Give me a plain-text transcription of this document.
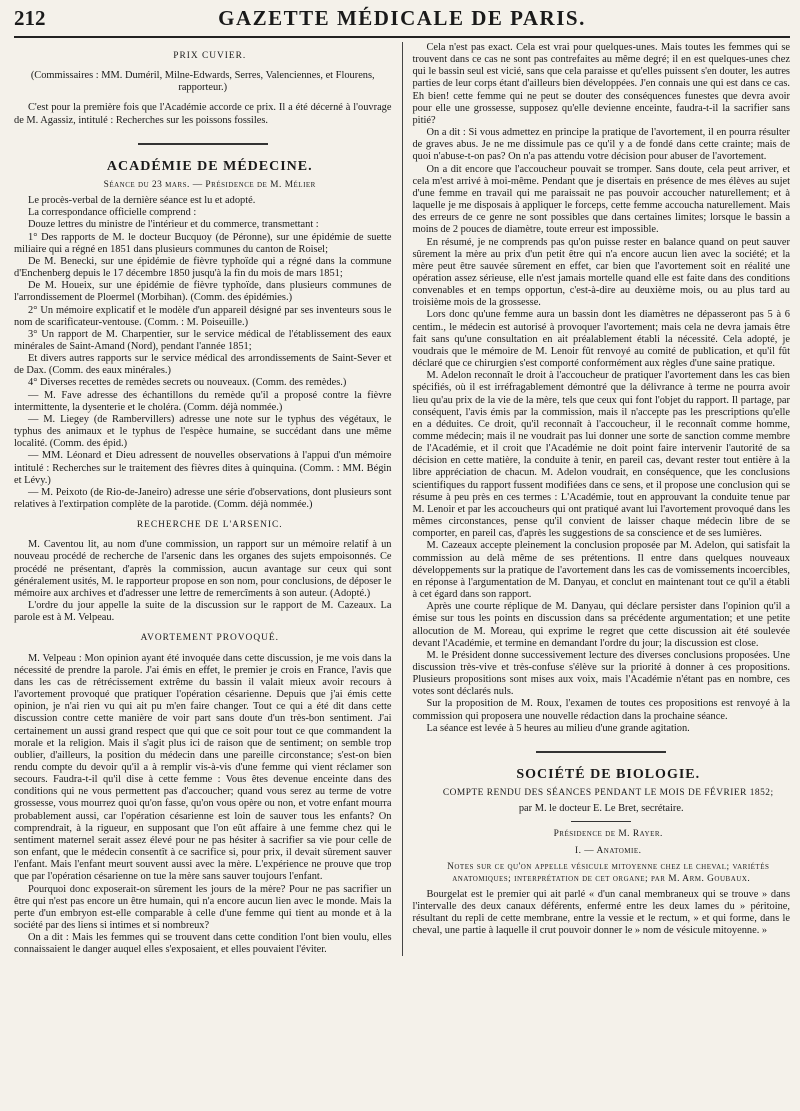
212	GAZETTE MÉDICALE DE PARIS.

PRIX CUVIER.

(Commissaires : MM. Duméril, Milne-Edwards, Serres, Valenciennes, et Flourens, rapporteur.)

C'est pour la première fois que l'Académie accorde ce prix. Il a été décerné à l'ouvrage de M. Agassiz, intitulé : Recherches sur les poissons fossiles.

ACADÉMIE DE MÉDECINE.

Séance du 23 mars. — Présidence de M. Mélier

Le procès-verbal de la dernière séance est lu et adopté.

La correspondance officielle comprend :

Douze lettres du ministre de l'intérieur et du commerce, transmettant :

1° Des rapports de M. le docteur Bucquoy (de Péronne), sur une épidémie de suette miliaire qui a régné en 1851 dans plusieurs communes du canton de Roisel;

De M. Benecki, sur une épidémie de fièvre typhoïde qui a régné dans la commune d'Enchenberg depuis le 17 décembre 1850 jusqu'à la fin du mois de mars 1851;

De M. Houeix, sur une épidémie de fièvre typhoïde, dans plusieurs communes de l'arrondissement de Ploermel (Morbihan). (Comm. des épidémies.)

2° Un mémoire explicatif et le modèle d'un appareil désigné par ses inventeurs sous le nom de scarificateur-ventouse. (Comm. : M. Poiseuille.)

3° Un rapport de M. Charpentier, sur le service médical de l'établissement des eaux minérales de Saint-Amand (Nord), pendant l'année 1851;

Et divers autres rapports sur le service médical des arrondissements de Saint-Sever et de Dax. (Comm. des eaux minérales.)

4° Diverses recettes de remèdes secrets ou nouveaux. (Comm. des remèdes.)

— M. Fave adresse des échantillons du remède qu'il a proposé contre la fièvre intermittente, la dysenterie et le choléra. (Comm. déjà nommée.)

— M. Liegey (de Rambervillers) adresse une note sur le typhus des végétaux, le typhus des animaux et le typhus de l'espèce humaine, se succédant dans une même localité. (Comm. des épid.)

— MM. Léonard et Dieu adressent de nouvelles observations à l'appui d'un mémoire intitulé : Recherches sur le traitement des fièvres dites à quinquina. (Comm. : MM. Bégin et Lévy.)

— M. Peixoto (de Rio-de-Janeiro) adresse une série d'observations, dont plusieurs sont relatives à l'extirpation complète de la parotide. (Comm. déjà nommée.)

RECHERCHE DE L'ARSENIC.

M. Caventou lit, au nom d'une commission, un rapport sur un mémoire relatif à un nouveau procédé de recherche de l'arsenic dans les organes des sujets empoisonnés. Ce procédé ne présentant, d'après la commission, aucun avantage sur ceux qui sont généralement usités, M. le rapporteur propose en son nom, pour conclusions, de déposer le mémoire aux archives et d'adresser une lettre de remercîments à son auteur. (Adopté.)

L'ordre du jour appelle la suite de la discussion sur le rapport de M. Cazeaux. La parole est à M. Velpeau.

AVORTEMENT PROVOQUÉ.

M. Velpeau : Mon opinion ayant été invoquée dans cette discussion, je me vois dans la nécessité de prendre la parole. J'ai émis en effet, le premier je crois en France, l'avis que dans les cas de rétrécissement extrême du bassin il valait mieux avoir recours à l'avortement provoqué que pratiquer l'opération césarienne. Depuis que j'ai émis cette opinion, je n'ai rien vu qui ait pu m'en faire changer. Tout ce qui a été dit dans cette discussion contre cette manière de voir part sans doute d'un très-bon sentiment. J'ai certainement un aussi grand respect que qui que ce soit pour tout ce que commandent la morale et la religion. Mais il s'agit plus ici de raison que de sentiment; on semble trop oublier, d'ailleurs, la position du médecin dans une pareille circonstance; s'est-on bien rendu compte du devoir qu'il a à remplir vis-à-vis d'une femme qui vient réclamer son secours. Faudra-t-il qu'il dise à cette femme : Vous êtes devenue enceinte dans des conditions qui ne vous permettent pas d'accoucher; quand vous serez au terme de votre grossesse, vous mourrez quoi qu'on fasse, qu'on vous opère ou non, et votre enfant mourra probablement aussi, car l'opération césarienne est loin de sauver tous les enfants? On comprendrait, à la rigueur, en supposant que l'on eût affaire à une femme chez qui le sentiment maternel serait assez élevé pour ne pas hésiter à sacrifier sa vie pour celle de son enfant, que le médecin consentît à ce sacrifice si, pour prix, il devait sûrement sauver l'enfant. Mais l'enfant meurt souvent aussi avec la mère. L'expérience ne prouve que trop que par l'opération césarienne on tue la mère sans sauver toujours l'enfant.

Pourquoi donc exposerait-on sûrement les jours de la mère? Pour ne pas sacrifier un être qui n'est pas encore un être humain, qui n'a encore aucun lien avec le monde. Mais la perte d'un embryon est-elle comparable à celle d'une femme qui tient au monde et à la société par des liens si intimes et si nombreux?

On a dit : Mais les femmes qui se trouvent dans cette condition l'ont bien voulu, elles connaissaient le danger auquel elles s'exposaient, et elles pouvaient l'éviter.

Cela n'est pas exact. Cela est vrai pour quelques-unes. Mais toutes les femmes qui se trouvent dans ce cas ne sont pas contrefaites au même degré; il en est quelques-unes chez qui le bassin seul est vicié, sans que cela paraisse et qu'elles puissent s'en douter, les autres parties de leur corps étant d'ailleurs bien développées. J'en connais une qui est dans ce cas. Eh bien! cette femme qui ne peut se douter des conséquences funestes que devra avoir pour elle une grossesse, supposez qu'elle devienne enceinte, faudra-t-il la sacrifier sans pitié?

On a dit : Si vous admettez en principe la pratique de l'avortement, il en pourra résulter de graves abus. Je ne me dissimule pas ce qu'il y a de fondé dans cette crainte; mais de quoi n'abuse-t-on pas? On n'a pas attendu votre décision pour abuser de l'avortement.

On a dit encore que l'accoucheur pouvait se tromper. Sans doute, cela peut arriver, et cela m'est arrivé à moi-même. Pendant que je disertais en présence de mes élèves au sujet d'une femme en travail qui me paraissait ne pas pouvoir accoucher naturellement; et à laquelle je me disposais à appliquer le forceps, cette femme accoucha naturellement. Mais des erreurs de ce genre ne sont possibles que dans certaines limites; lorsque le bassin a moins de 2 pouces de diamètre, toute erreur est impossible.

En résumé, je ne comprends pas qu'on puisse rester en balance quand on peut sauver sûrement la mère au prix d'un petit être qui n'a encore aucun lien avec la société; et la mère peut être sauvée sûrement en effet, car bien que l'avortement soit en réalité une opération assez sérieuse, elle n'est jamais mortelle quand elle est faite dans des conditions convenables et en temps opportun, c'est-à-dire au deuxième mois, ou au plus tard au troisième mois de la grossesse.

Lors donc qu'une femme aura un bassin dont les diamètres ne dépasseront pas 5 à 6 centim., le médecin est autorisé à provoquer l'avortement; mais cela ne devra jamais être fait sans qu'une consultation en ait préalablement établi la nécessité. Cela adopté, je voudrais que le mémoire de M. Lenoir fût renvoyé au comité de publication, et qu'il fût déclaré que ce chirurgien s'est comporté conformément aux règles d'une saine pratique.

M. Adelon reconnaît le droit à l'accoucheur de pratiquer l'avortement dans les cas bien spécifiés, où il est irréfragablement démontré que la délivrance à terme ne pourra avoir lieu qu'au prix de la vie de la mère, tels que ceux qui font l'objet du rapport. Il partage, par conséquent, l'avis émis par la commission, mais il n'accepte pas les prescriptions qu'elle en a déduites. Ce droit, qu'il reconnaît à l'accoucheur, il le reconnaît comme homme, comme médecin; mais il ne voudrait pas lui donner une sorte de sanction comme membre de l'Académie, et il croit que l'Académie ne doit point faire intervenir l'autorité de sa décision en cette matière, la conduite à tenir, en pareil cas, devant rester tout entière à la libre appréciation de chacun. M. Adelon voudrait, en conséquence, que les conclusions scientifiques du rapport fussent modifiées dans ce sens, et il propose une conclusion qui se résume à peu près en ces termes : L'Académie, tout en approuvant la conduite tenue par M. Lenoir et par les accoucheurs qui ont pratiqué avant lui l'avortement provoqué dans les mêmes circonstances, pense qu'il convient de laisser chaque médecin libre de se comporter, en pareil cas, d'après les suggestions de sa conscience et de ses lumières.

M. Cazeaux accepte pleinement la conclusion proposée par M. Adelon, qui satisfait la commission au delà même de ses prétentions. Il entre dans quelques nouveaux développements sur la pratique de l'avortement dans les cas de vomissements incoercibles, en réponse à l'argumentation de M. Danyau, et conclut en maintenant tout ce qu'il a établi à cet égard dans son rapport.

Après une courte réplique de M. Danyau, qui déclare persister dans l'opinion qu'il a émise sur tous les points en discussion dans sa précédente argumentation; et une petite allocution de M. Moreau, qui exprime le regret que cette discussion ait été soulevée devant l'Académie, et termine en demandant l'ordre du jour; la discussion est close.

M. le Président donne successivement lecture des diverses conclusions proposées. Une discussion très-vive et très-confuse s'élève sur la priorité à donner à ces propositions. Plusieurs propositions sont mises aux voix, mais l'Académie n'étant pas en nombre, ces votes sont déclarés nuls.

Sur la proposition de M. Roux, l'examen de toutes ces propositions est renvoyé à la commission qui proposera une nouvelle rédaction dans la prochaine séance.

La séance est levée à 5 heures au milieu d'une grande agitation.

SOCIÉTÉ DE BIOLOGIE.

COMPTE RENDU DES SÉANCES PENDANT LE MOIS DE FÉVRIER 1852;

par M. le docteur E. Le Bret, secrétaire.

Présidence de M. Rayer.

I. — Anatomie.

Notes sur ce qu'on appelle vésicule mitoyenne chez le cheval; variétés anatomiques; interprétation de cet organe; par M. Arm. Goubaux.

Bourgelat est le premier qui ait parlé « d'un canal membraneux qui se trouve » dans l'intervalle des deux canaux déférents, enfermé entre les deux lames du » péritoine, résultant du repli de cette membrane, entre la vessie et le rectum, » et qui forme, dans le cheval, une partie à laquelle il crut pouvoir donner le » nom de vésicule mitoyenne. »
